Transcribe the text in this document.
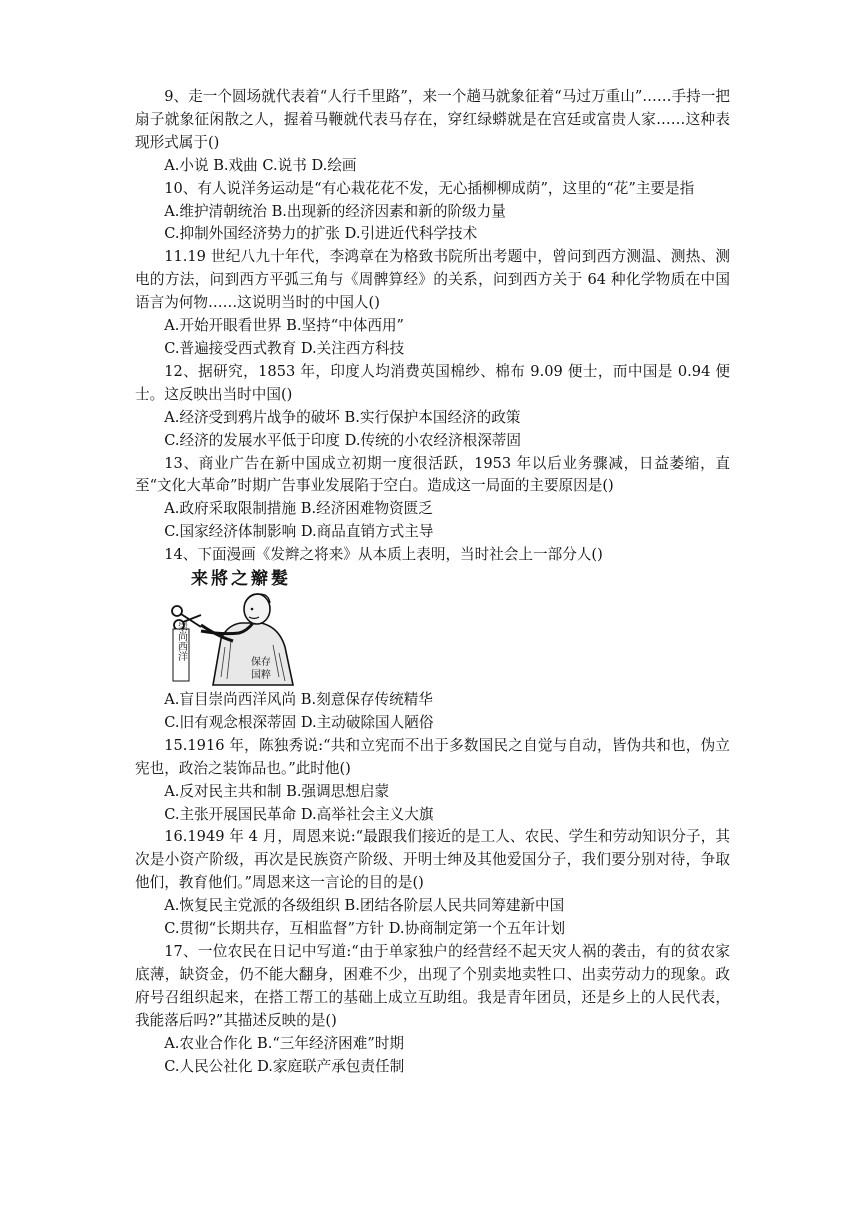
9、走一个圆场就代表着“人行千里路”，来一个趟马就象征着“马过万重山”……手持一把扇子就象征闲散之人，握着马鞭就代表马存在，穿红绿蟒就是在宫廷或富贵人家……这种表现形式属于()

A.小说 B.戏曲 C.说书 D.绘画

10、有人说洋务运动是“有心栽花花不发，无心插柳柳成荫”，这里的“花”主要是指

A.维护清朝统治 B.出现新的经济因素和新的阶级力量

C.抑制外国经济势力的扩张 D.引进近代科学技术

11.19 世纪八九十年代，李鸿章在为格致书院所出考题中，曾问到西方测温、测热、测电的方法，问到西方平弧三角与《周髀算经》的关系，问到西方关于 64 种化学物质在中国语言为何物……这说明当时的中国人()

A.开始开眼看世界 B.坚持“中体西用”

C.普遍接受西式教育 D.关注西方科技

12、据研究，1853 年，印度人均消费英国棉纱、棉布 9.09 便士，而中国是 0.94 便士。这反映出当时中国()

A.经济受到鸦片战争的破坏 B.实行保护本国经济的政策

C.经济的发展水平低于印度 D.传统的小农经济根深蒂固

13、商业广告在新中国成立初期一度很活跃，1953 年以后业务骤减，日益萎缩，直至“文化大革命”时期广告事业发展陷于空白。造成这一局面的主要原因是()

A.政府采取限制措施 B.经济困难物资匮乏

C.国家经济体制影响 D.商品直销方式主导

14、下面漫画《发辫之将来》从本质上表明，当时社会上一部分人()

来將之辮髮
崇尚西洋
保存
国粹

A.盲目崇尚西洋风尚 B.刻意保存传统精华

C.旧有观念根深蒂固 D.主动破除国人陋俗

15.1916 年，陈独秀说:“共和立宪而不出于多数国民之自觉与自动，皆伪共和也，伪立宪也，政治之装饰品也。”此时他()

A.反对民主共和制 B.强调思想启蒙

C.主张开展国民革命 D.高举社会主义大旗

16.1949 年 4 月，周恩来说:“最跟我们接近的是工人、农民、学生和劳动知识分子，其次是小资产阶级，再次是民族资产阶级、开明士绅及其他爱国分子，我们要分别对待，争取他们，教育他们。”周恩来这一言论的目的是()

A.恢复民主党派的各级组织 B.团结各阶层人民共同筹建新中国

C.贯彻“长期共存，互相监督”方针 D.协商制定第一个五年计划

17、一位农民在日记中写道:“由于单家独户的经营经不起天灾人祸的袭击，有的贫农家底薄，缺资金，仍不能大翻身，困难不少，出现了个别卖地卖牲口、出卖劳动力的现象。政府号召组织起来，在搭工帮工的基础上成立互助组。我是青年团员，还是乡上的人民代表，我能落后吗?”其描述反映的是()

A.农业合作化 B.“三年经济困难”时期

C.人民公社化 D.家庭联产承包责任制
